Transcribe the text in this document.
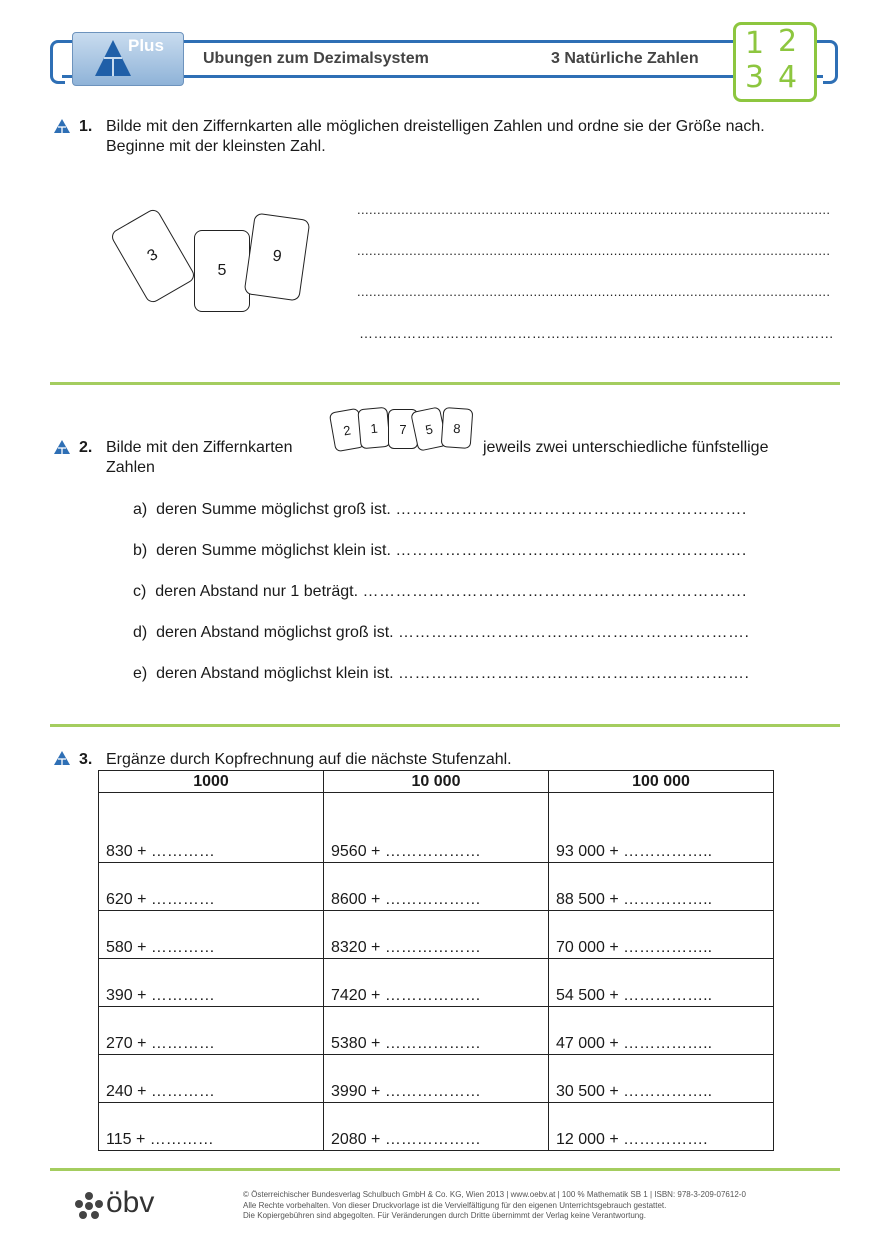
Plus
Ubungen zum Dezimalsystem	3 Natürliche Zahlen 1 2
3 4
1. Bilde mit den Ziffernkarten alle möglichen dreistelligen Zahlen und ordne sie der Größe nach.
Beginne mit der kleinsten Zahl.
3
5
9
......................................................................................................................
......................................................................................................................
......................................................................................................................
………………………………………………………………………………………
2	1	7	5	8
2. Bilde mit den Ziffernkarten	jeweils zwei unterschiedliche fünfstellige
Zahlen
a) deren Summe möglichst groß ist. ……………………………………………………….
b) deren Summe möglichst klein ist. ……………………………………………………….
c) deren Abstand nur 1 beträgt. …………………………………………………………….
d) deren Abstand möglichst groß ist. ……………………………………………………….
e) deren Abstand möglichst klein ist. ……………………………………………………….
3. Ergänze durch Kopfrechnung auf die nächste Stufenzahl.
1000	10 000	100 000
830 + …………	9560 + ………………	93 000 + ……………..
620 + …………	8600 + ………………	88 500 + ……………..
580 + …………	8320 + ………………	70 000 + ……………..
390 + …………	7420 + ………………	54 500 + ……………..
270 + …………	5380 + ………………	47 000 + ……………..
240 + …………	3990 + ………………	30 500 + ……………..
115 + …………	2080 + ………………	12 000 + …………….
öbv	© Österreichischer Bundesverlag Schulbuch GmbH & Co. KG, Wien 2013 | www.oebv.at | 100 % Mathematik SB 1 | ISBN: 978-3-209-07612-0
Alle Rechte vorbehalten. Von dieser Druckvorlage ist die Vervielfältigung für den eigenen Unterrichtsgebrauch gestattet.
Die Kopiergebühren sind abgegolten. Für Veränderungen durch Dritte übernimmt der Verlag keine Verantwortung.
